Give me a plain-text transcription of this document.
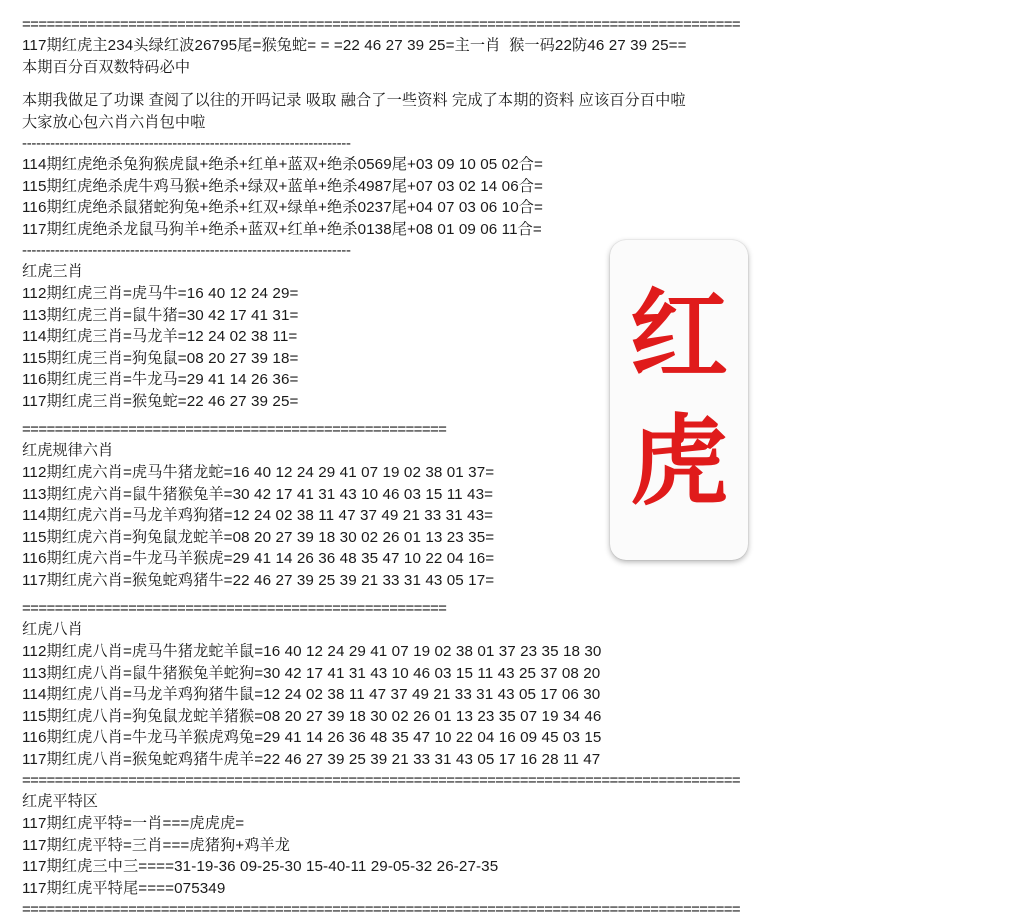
========================================================================================
117期红虎主234头绿红波26795尾=猴兔蛇= = =22 46 27 39 25=主一肖  猴一码22防46 27 39 25==
本期百分百双数特码必中
本期我做足了功课 查阅了以往的开吗记录 吸取 融合了一些资料 完成了本期的资料 应该百分百中啦
大家放心包六肖六肖包中啦
----------------------------------------------------------------------
114期红虎绝杀兔狗猴虎鼠+绝杀+红单+蓝双+绝杀0569尾+03 09 10 05 02合=
115期红虎绝杀虎牛鸡马猴+绝杀+绿双+蓝单+绝杀4987尾+07 03 02 14 06合=
116期红虎绝杀鼠猪蛇狗兔+绝杀+红双+绿单+绝杀0237尾+04 07 03 06 10合=
117期红虎绝杀龙鼠马狗羊+绝杀+蓝双+红单+绝杀0138尾+08 01 09 06 11合=
----------------------------------------------------------------------
红虎三肖
112期红虎三肖=虎马牛=16 40 12 24 29=
113期红虎三肖=鼠牛猪=30 42 17 41 31=
114期红虎三肖=马龙羊=12 24 02 38 11=
115期红虎三肖=狗兔鼠=08 20 27 39 18=
116期红虎三肖=牛龙马=29 41 14 26 36=
117期红虎三肖=猴兔蛇=22 46 27 39 25=
====================================================
红虎规律六肖
112期红虎六肖=虎马牛猪龙蛇=16 40 12 24 29 41 07 19 02 38 01 37=
113期红虎六肖=鼠牛猪猴兔羊=30 42 17 41 31 43 10 46 03 15 11 43=
114期红虎六肖=马龙羊鸡狗猪=12 24 02 38 11 47 37 49 21 33 31 43=
115期红虎六肖=狗兔鼠龙蛇羊=08 20 27 39 18 30 02 26 01 13 23 35=
116期红虎六肖=牛龙马羊猴虎=29 41 14 26 36 48 35 47 10 22 04 16=
117期红虎六肖=猴兔蛇鸡猪牛=22 46 27 39 25 39 21 33 31 43 05 17=
====================================================
红虎八肖
112期红虎八肖=虎马牛猪龙蛇羊鼠=16 40 12 24 29 41 07 19 02 38 01 37 23 35 18 30
113期红虎八肖=鼠牛猪猴兔羊蛇狗=30 42 17 41 31 43 10 46 03 15 11 43 25 37 08 20
114期红虎八肖=马龙羊鸡狗猪牛鼠=12 24 02 38 11 47 37 49 21 33 31 43 05 17 06 30
115期红虎八肖=狗兔鼠龙蛇羊猪猴=08 20 27 39 18 30 02 26 01 13 23 35 07 19 34 46
116期红虎八肖=牛龙马羊猴虎鸡兔=29 41 14 26 36 48 35 47 10 22 04 16 09 45 03 15
117期红虎八肖=猴兔蛇鸡猪牛虎羊=22 46 27 39 25 39 21 33 31 43 05 17 16 28 11 47
========================================================================================
红虎平特区
117期红虎平特=一肖===虎虎虎=
117期红虎平特=三肖===虎猪狗+鸡羊龙
117期红虎三中三====31-19-36 09-25-30 15-40-11 29-05-32 26-27-35
117期红虎平特尾====075349
========================================================================================
红
虎
